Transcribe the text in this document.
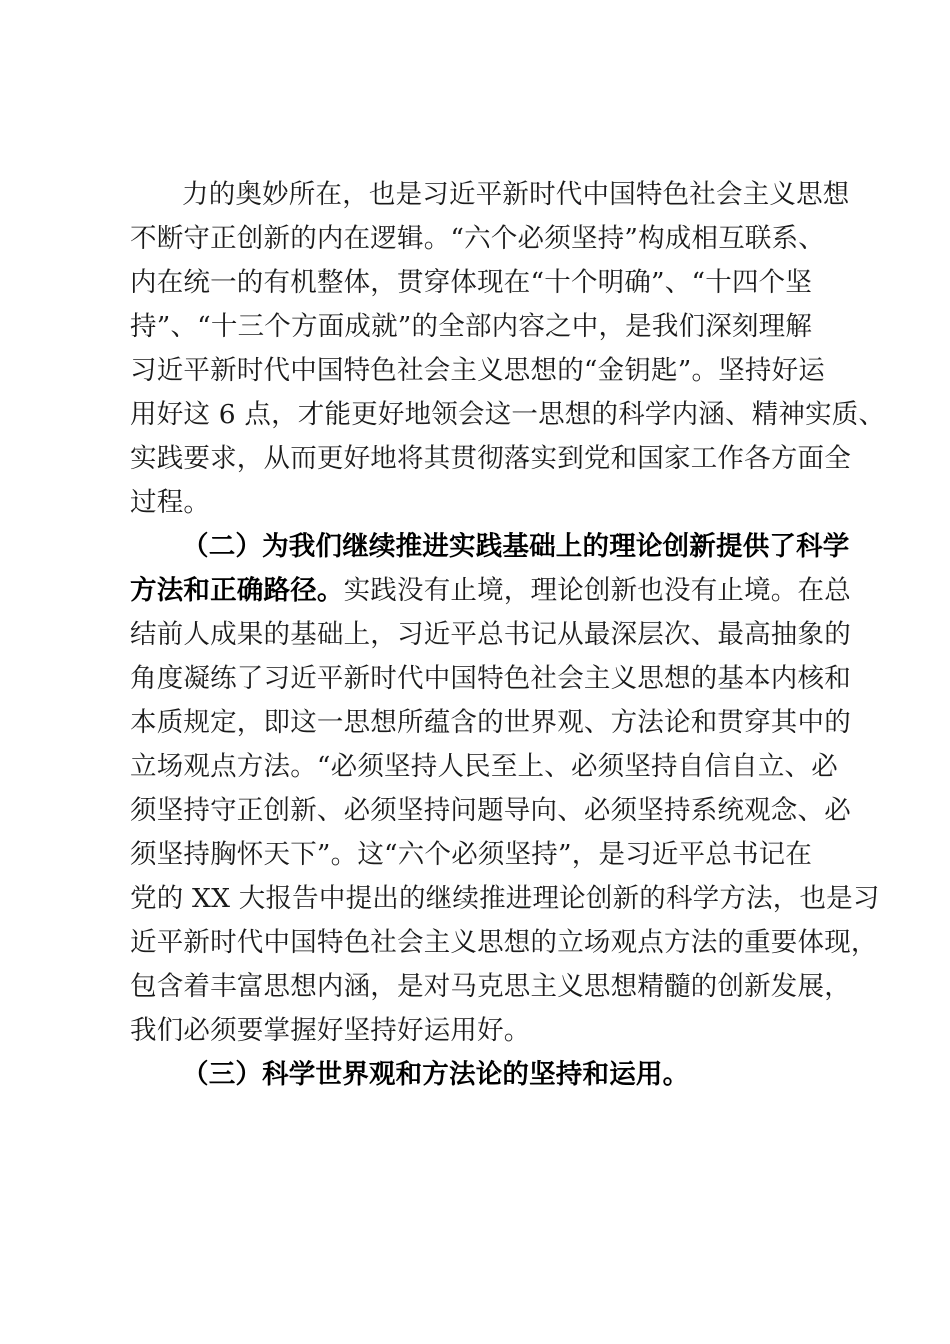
力的奥妙所在，也是习近平新时代中国特色社会主义思想
不断守正创新的内在逻辑。“六个必须坚持”构成相互联系、
内在统一的有机整体，贯穿体现在“十个明确”、“十四个坚
持”、“十三个方面成就”的全部内容之中，是我们深刻理解
习近平新时代中国特色社会主义思想的“金钥匙”。坚持好运
用好这 6 点，才能更好地领会这一思想的科学内涵、精神实质、
实践要求，从而更好地将其贯彻落实到党和国家工作各方面全
过程。
（二）为我们继续推进实践基础上的理论创新提供了科学
方法和正确路径。实践没有止境，理论创新也没有止境。在总
结前人成果的基础上，习近平总书记从最深层次、最高抽象的
角度凝练了习近平新时代中国特色社会主义思想的基本内核和
本质规定，即这一思想所蕴含的世界观、方法论和贯穿其中的
立场观点方法。“必须坚持人民至上、必须坚持自信自立、必
须坚持守正创新、必须坚持问题导向、必须坚持系统观念、必
须坚持胸怀天下”。这“六个必须坚持”，是习近平总书记在
党的 XX 大报告中提出的继续推进理论创新的科学方法，也是习
近平新时代中国特色社会主义思想的立场观点方法的重要体现，
包含着丰富思想内涵，是对马克思主义思想精髓的创新发展，
我们必须要掌握好坚持好运用好。
（三）科学世界观和方法论的坚持和运用。
